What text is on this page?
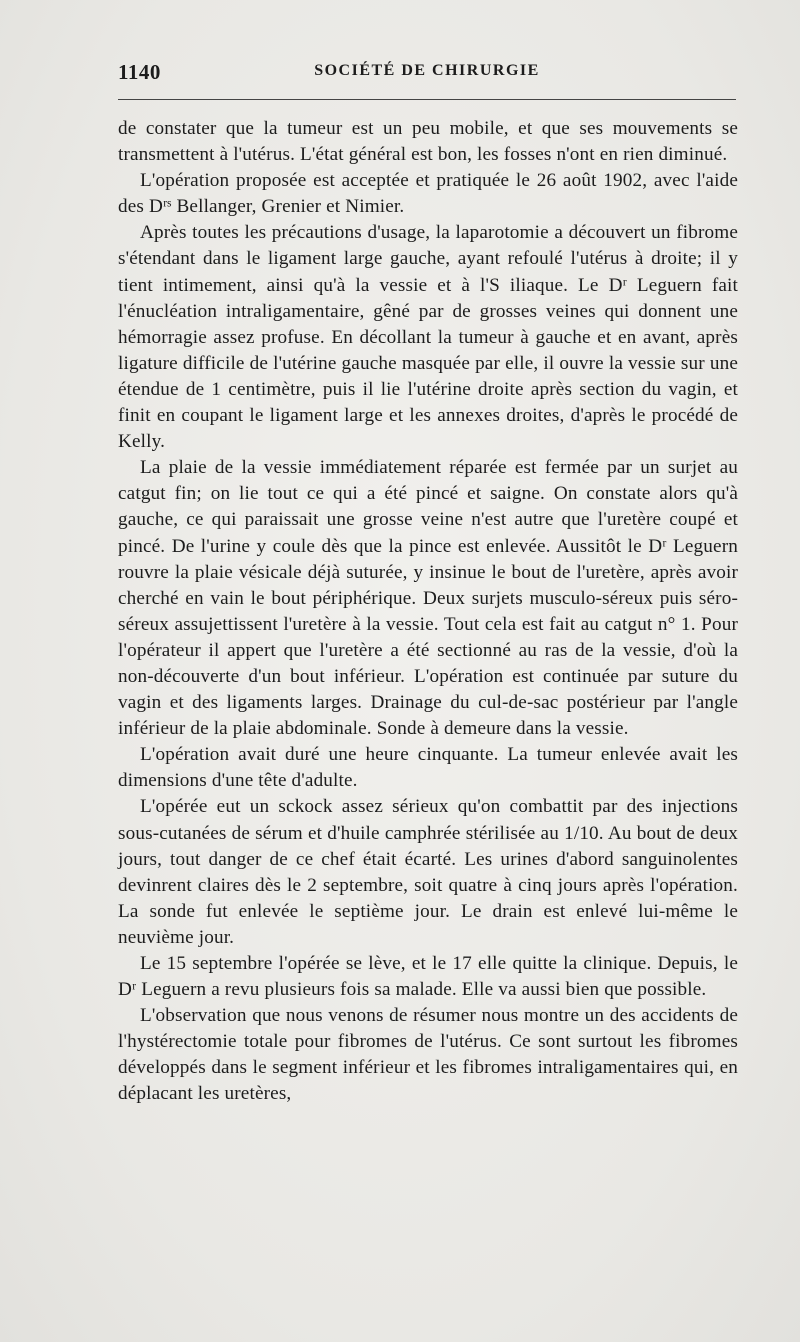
1140	SOCIÉTÉ DE CHIRURGIE

de constater que la tumeur est un peu mobile, et que ses mouvements se transmettent à l'utérus. L'état général est bon, les fosses n'ont en rien diminué.

L'opération proposée est acceptée et pratiquée le 26 août 1902, avec l'aide des Dʳˢ Bellanger, Grenier et Nimier.

Après toutes les précautions d'usage, la laparotomie a découvert un fibrome s'étendant dans le ligament large gauche, ayant refoulé l'utérus à droite; il y tient intimement, ainsi qu'à la vessie et à l'S iliaque. Le Dʳ Leguern fait l'énucléation intraligamentaire, gêné par de grosses veines qui donnent une hémorragie assez profuse. En décollant la tumeur à gauche et en avant, après ligature difficile de l'utérine gauche masquée par elle, il ouvre la vessie sur une étendue de 1 centimètre, puis il lie l'utérine droite après section du vagin, et finit en coupant le ligament large et les annexes droites, d'après le procédé de Kelly.

La plaie de la vessie immédiatement réparée est fermée par un surjet au catgut fin; on lie tout ce qui a été pincé et saigne. On constate alors qu'à gauche, ce qui paraissait une grosse veine n'est autre que l'uretère coupé et pincé. De l'urine y coule dès que la pince est enlevée. Aussitôt le Dʳ Leguern rouvre la plaie vésicale déjà suturée, y insinue le bout de l'uretère, après avoir cherché en vain le bout périphérique. Deux surjets musculo-séreux puis séro-séreux assujettissent l'uretère à la vessie. Tout cela est fait au catgut n° 1. Pour l'opérateur il appert que l'uretère a été sectionné au ras de la vessie, d'où la non-découverte d'un bout inférieur. L'opération est continuée par suture du vagin et des ligaments larges. Drainage du cul-de-sac postérieur par l'angle inférieur de la plaie abdominale. Sonde à demeure dans la vessie.

L'opération avait duré une heure cinquante. La tumeur enlevée avait les dimensions d'une tête d'adulte.

L'opérée eut un sckock assez sérieux qu'on combattit par des injections sous-cutanées de sérum et d'huile camphrée stérilisée au 1/10. Au bout de deux jours, tout danger de ce chef était écarté. Les urines d'abord sanguinolentes devinrent claires dès le 2 septembre, soit quatre à cinq jours après l'opération. La sonde fut enlevée le septième jour. Le drain est enlevé lui-même le neuvième jour.

Le 15 septembre l'opérée se lève, et le 17 elle quitte la clinique. Depuis, le Dʳ Leguern a revu plusieurs fois sa malade. Elle va aussi bien que possible.

L'observation que nous venons de résumer nous montre un des accidents de l'hystérectomie totale pour fibromes de l'utérus. Ce sont surtout les fibromes développés dans le segment inférieur et les fibromes intraligamentaires qui, en déplacant les uretères,
